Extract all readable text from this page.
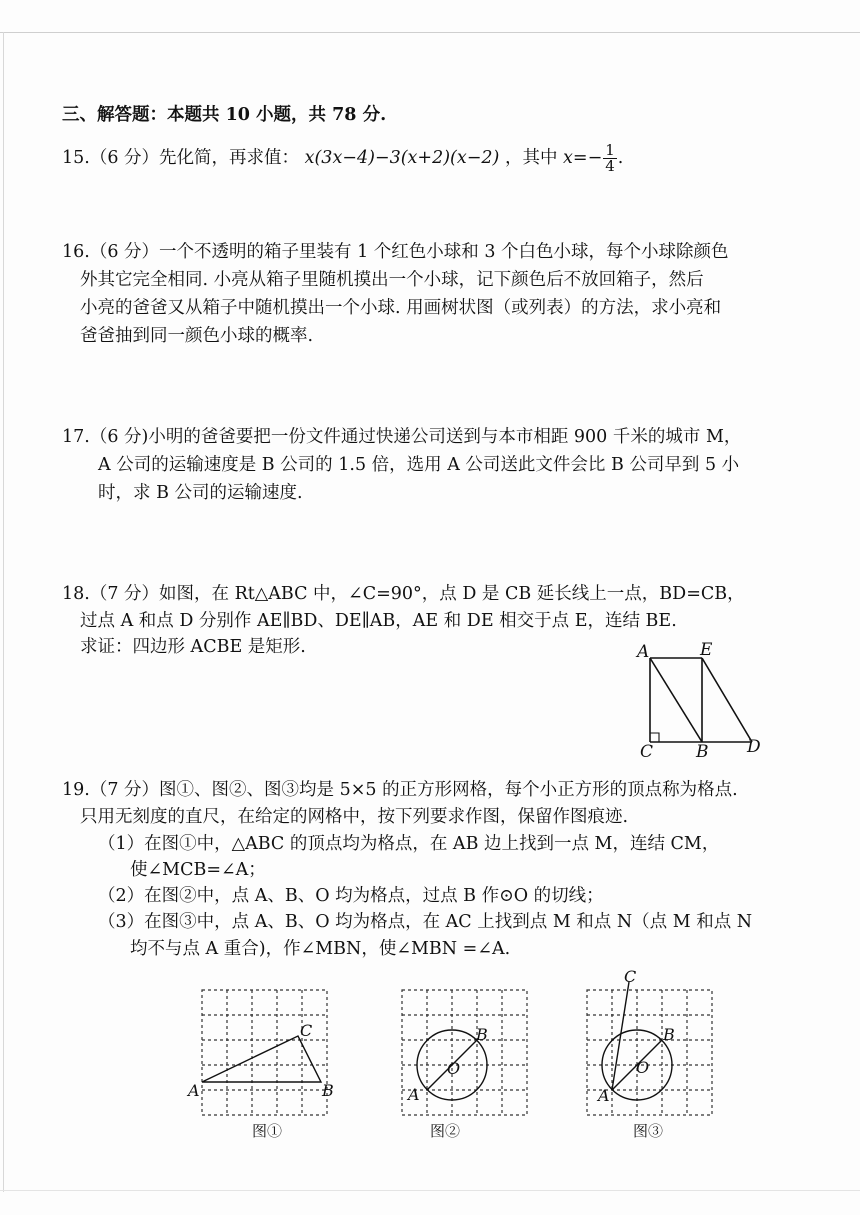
三、解答题：本题共 10 小题，共 78 分.
15.（6 分）先化简，再求值： x(3x−4)−3(x+2)(x−2) ，其中 $x=- \frac{1}{4}$ .
16.（6 分）一个不透明的箱子里装有 1 个红色小球和 3 个白色小球，每个小球除颜色
外其它完全相同. 小亮从箱子里随机摸出一个小球，记下颜色后不放回箱子，然后
小亮的爸爸又从箱子中随机摸出一个小球. 用画树状图（或列表）的方法，求小亮和
爸爸抽到同一颜色小球的概率.
17.（6 分)小明的爸爸要把一份文件通过快递公司送到与本市相距 900 千米的城市 M，
A 公司的运输速度是 B 公司的 1.5 倍，选用 A 公司送此文件会比 B 公司早到 5 小
时，求 B 公司的运输速度.
18.（7 分）如图，在 Rt△ABC 中，∠C=90°，点 D 是 CB 延长线上一点，BD=CB，
过点 A 和点 D 分别作 AE∥BD、DE∥AB，AE 和 DE 相交于点 E，连结 BE.
求证：四边形 ACBE 是矩形.	A	E
C	B D
19.（7 分）图①、图②、图③均是 5×5 的正方形网格，每个小正方形的顶点称为格点.
只用无刻度的直尺，在给定的网格中，按下列要求作图，保留作图痕迹.
（1）在图①中，△ABC 的顶点均为格点，在 AB 边上找到一点 M，连结 CM，
使∠MCB=∠A；
（2）在图②中，点 A、B、O 均为格点，过点 B 作⊙O 的切线；
（3）在图③中，点 A、B、O 均为格点，在 AC 上找到点 M 和点 N（点 M 和点 N
均不与点 A 重合)，作∠MBN，使∠MBN =∠A.
A	B
C
图①
A
B
O
图②
A
B
O
C
图③
